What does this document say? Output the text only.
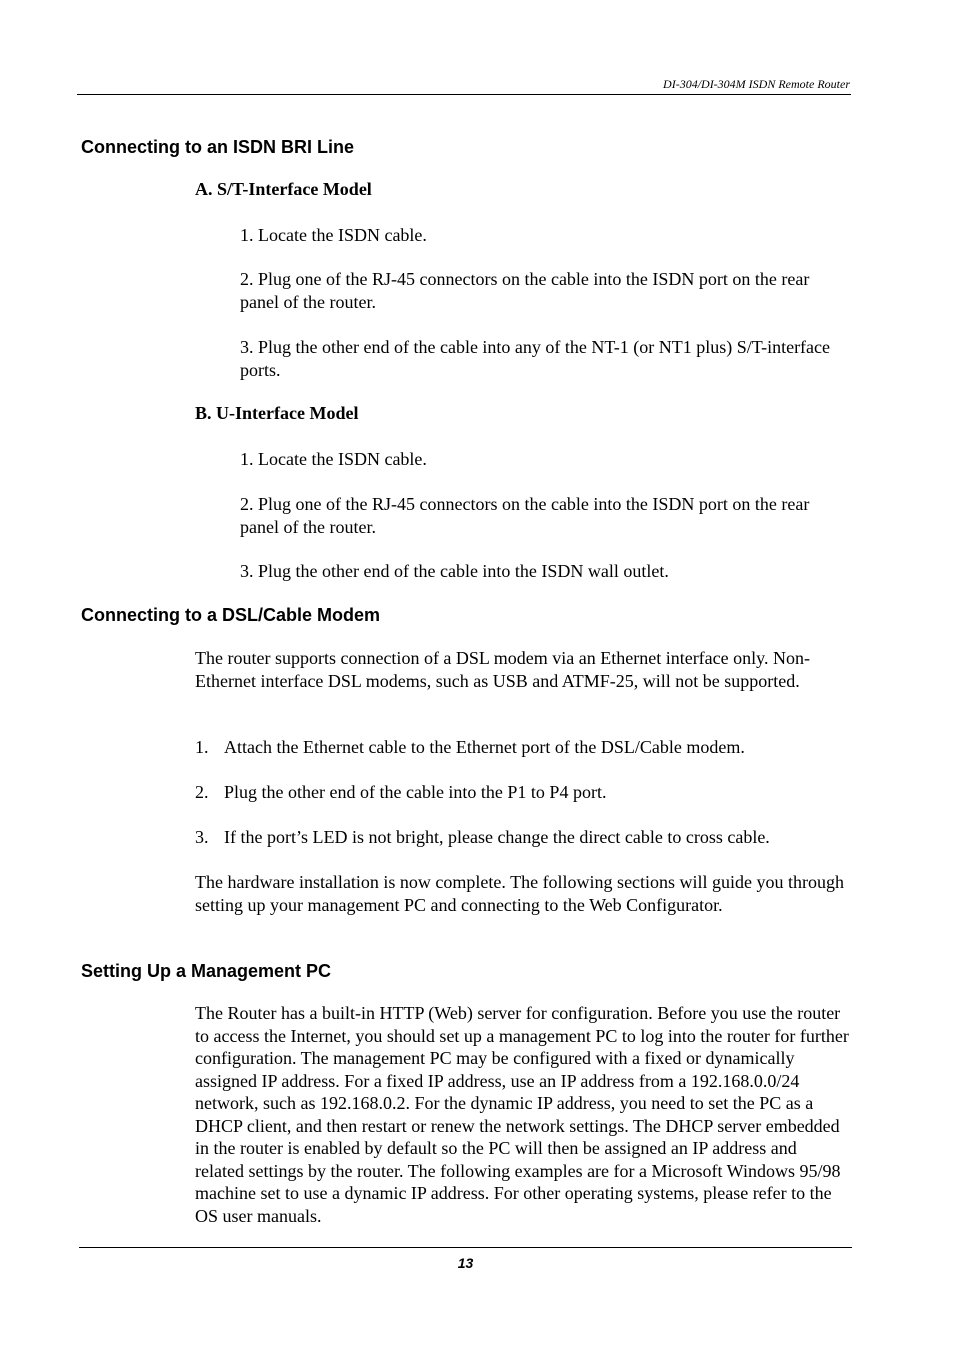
DI-304/DI-304M ISDN Remote Router
Connecting to an ISDN BRI Line
A. S/T-Interface Model

1. Locate the ISDN cable.

2. Plug one of the RJ-45 connectors on the cable into the ISDN port on the rear panel of the router.

3. Plug the other end of the cable into any of the NT-1 (or NT1 plus) S/T-interface ports.

B. U-Interface Model

1. Locate the ISDN cable.

2. Plug one of the RJ-45 connectors on the cable into the ISDN port on the rear panel of the router.

3. Plug the other end of the cable into the ISDN wall outlet.

Connecting to a DSL/Cable Modem

The router supports connection of a DSL modem via an Ethernet interface only. Non-Ethernet interface DSL modems, such as USB and ATMF-25, will not be supported.

1. Attach the Ethernet cable to the Ethernet port of the DSL/Cable modem.
2. Plug the other end of the cable into the P1 to P4 port.
3. If the port’s LED is not bright, please change the direct cable to cross cable.

The hardware installation is now complete. The following sections will guide you through setting up your management PC and connecting to the Web Configurator.

Setting Up a Management PC

The Router has a built-in HTTP (Web) server for configuration. Before you use the router to access the Internet, you should set up a management PC to log into the router for further configuration. The management PC may be configured with a fixed or dynamically assigned IP address. For a fixed IP address, use an IP address from a 192.168.0.0/24 network, such as 192.168.0.2. For the dynamic IP address, you need to set the PC as a DHCP client, and then restart or renew the network settings. The DHCP server embedded in the router is enabled by default so the PC will then be assigned an IP address and related settings by the router. The following examples are for a Microsoft Windows 95/98 machine set to use a dynamic IP address. For other operating systems, please refer to the OS user manuals.

13
